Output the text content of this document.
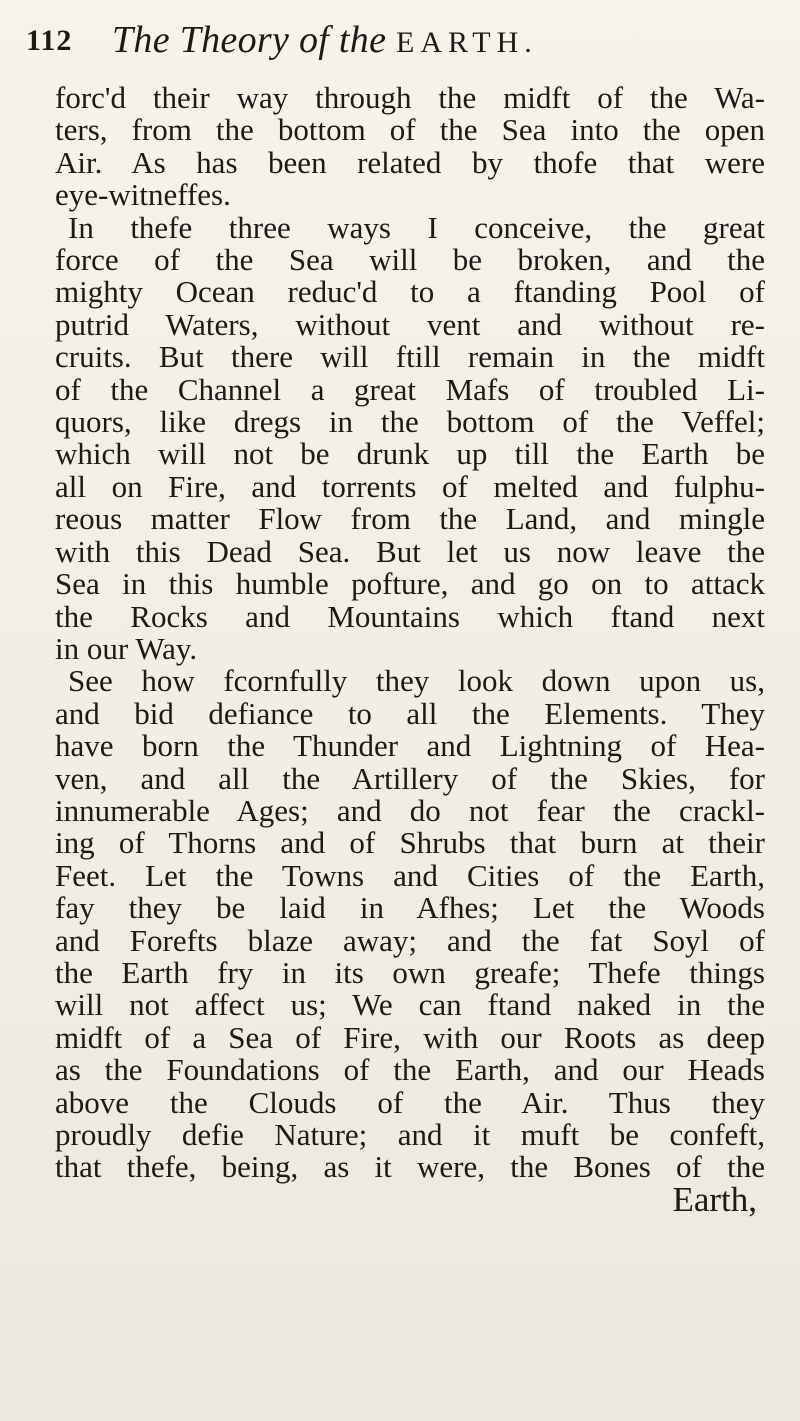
112 The Theory of the EARTH.
forc'd their way through the midft of the Wa-
ters, from the bottom of the Sea into the open
Air. As has been related by thofe that were
eye-witneffes.
In thefe three ways I conceive, the great
force of the Sea will be broken, and the
mighty Ocean reduc'd to a ftanding Pool of
putrid Waters, without vent and without re-
cruits. But there will ftill remain in the midft
of the Channel a great Mafs of troubled Li-
quors, like dregs in the bottom of the Veffel;
which will not be drunk up till the Earth be
all on Fire, and torrents of melted and fulphu-
reous matter Flow from the Land, and mingle
with this Dead Sea. But let us now leave the
Sea in this humble pofture, and go on to attack
the Rocks and Mountains which ftand next
in our Way.
See how fcornfully they look down upon us,
and bid defiance to all the Elements. They
have born the Thunder and Lightning of Hea-
ven, and all the Artillery of the Skies, for
innumerable Ages; and do not fear the crackl-
ing of Thorns and of Shrubs that burn at their
Feet. Let the Towns and Cities of the Earth,
fay they be laid in Afhes; Let the Woods
and Forefts blaze away; and the fat Soyl of
the Earth fry in its own greafe; Thefe things
will not affect us; We can ftand naked in the
midft of a Sea of Fire, with our Roots as deep
as the Foundations of the Earth, and our Heads
above the Clouds of the Air. Thus they
proudly defie Nature; and it muft be confeft,
that thefe, being, as it were, the Bones of the
Earth,
